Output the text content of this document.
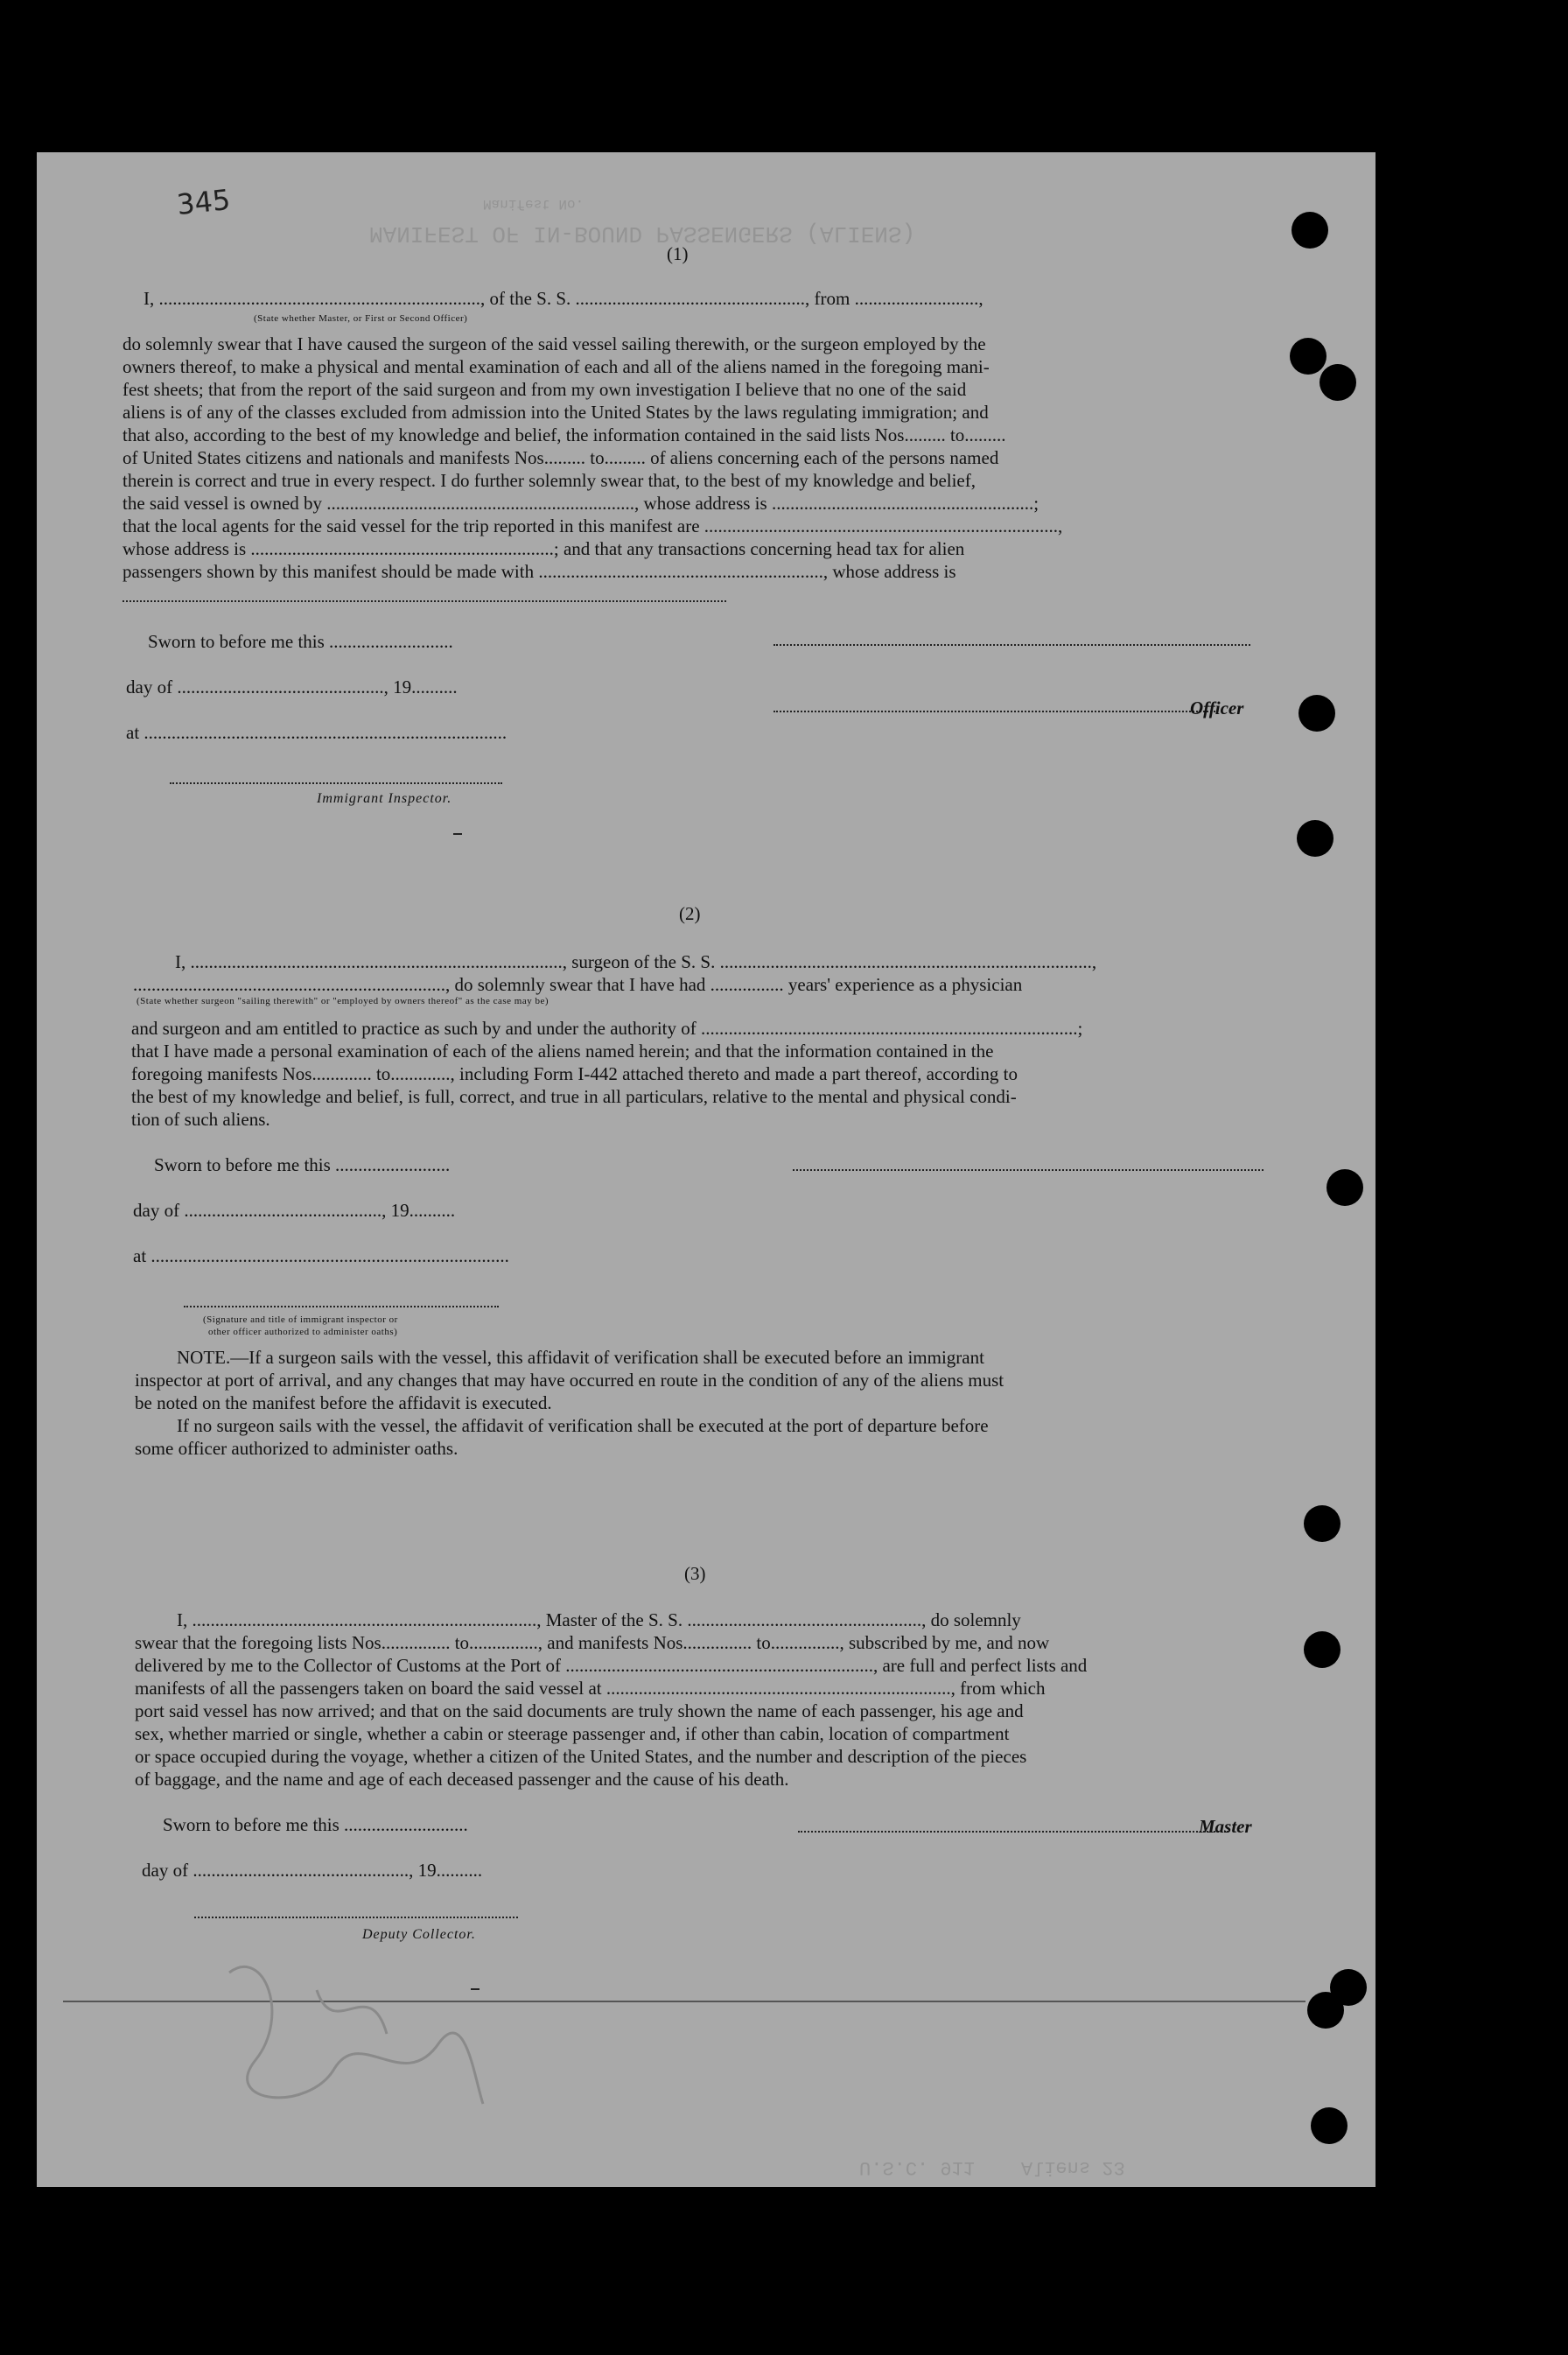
MANIFEST OF IN-BOUND PASSENGERS (ALIENS)
Manifest No.
U.S.C. 911    Aliens 23
345
(1)
I, ......................................................................, of the S. S. .................................................., from ...........................,
(State whether Master, or First or Second Officer)
do solemnly swear that I have caused the surgeon of the said vessel sailing therewith, or the surgeon employed by the
owners thereof, to make a physical and mental examination of each and all of the aliens named in the foregoing mani-
fest sheets; that from the report of the said surgeon and from my own investigation I believe that no one of the said
aliens is of any of the classes excluded from admission into the United States by the laws regulating immigration; and
that also, according to the best of my knowledge and belief, the information contained in the said lists Nos......... to.........
of United States citizens and nationals and manifests Nos......... to......... of aliens concerning each of the persons named
therein is correct and true in every respect. I do further solemnly swear that, to the best of my knowledge and belief,
the said vessel is owned by ..................................................................., whose address is .........................................................;
that the local agents for the said vessel for the trip reported in this manifest are .............................................................................,
whose address is ..................................................................; and that any transactions concerning head tax for alien
passengers shown by this manifest should be made with .............................................................., whose address is
Sworn to before me this ...........................
day of ............................................., 19..........
at ...............................................................................
Immigrant Inspector.
Officer
(2)
I, ................................................................................., surgeon of the S. S. .................................................................................,
...................................................................., do solemnly swear that I have had ................ years' experience as a physician
(State whether surgeon "sailing therewith" or "employed by owners thereof" as the case may be)
and surgeon and am entitled to practice as such by and under the authority of ..................................................................................;
that I have made a personal examination of each of the aliens named herein; and that the information contained in the
foregoing manifests Nos............. to............., including Form I-442 attached thereto and made a part thereof, according to
the best of my knowledge and belief, is full, correct, and true in all particulars, relative to the mental and physical condi-
tion of such aliens.
Sworn to before me this .........................
day of ..........................................., 19..........
at ..............................................................................
(Signature and title of immigrant inspector or
other officer authorized to administer oaths)
NOTE.—If a surgeon sails with the vessel, this affidavit of verification shall be executed before an immigrant
inspector at port of arrival, and any changes that may have occurred en route in the condition of any of the aliens must
be noted on the manifest before the affidavit is executed.
If no surgeon sails with the vessel, the affidavit of verification shall be executed at the port of departure before
some officer authorized to administer oaths.
(3)
I, ..........................................................................., Master of the S. S. ..................................................., do solemnly
swear that the foregoing lists Nos............... to..............., and manifests Nos............... to..............., subscribed by me, and now
delivered by me to the Collector of Customs at the Port of ..................................................................., are full and perfect lists and
manifests of all the passengers taken on board the said vessel at ..........................................................................., from which
port said vessel has now arrived; and that on the said documents are truly shown the name of each passenger, his age and
sex, whether married or single, whether a cabin or steerage passenger and, if other than cabin, location of compartment
or space occupied during the voyage, whether a citizen of the United States, and the number and description of the pieces
of baggage, and the name and age of each deceased passenger and the cause of his death.
Sworn to before me this ...........................
day of ..............................................., 19..........
Deputy Collector.
Master
